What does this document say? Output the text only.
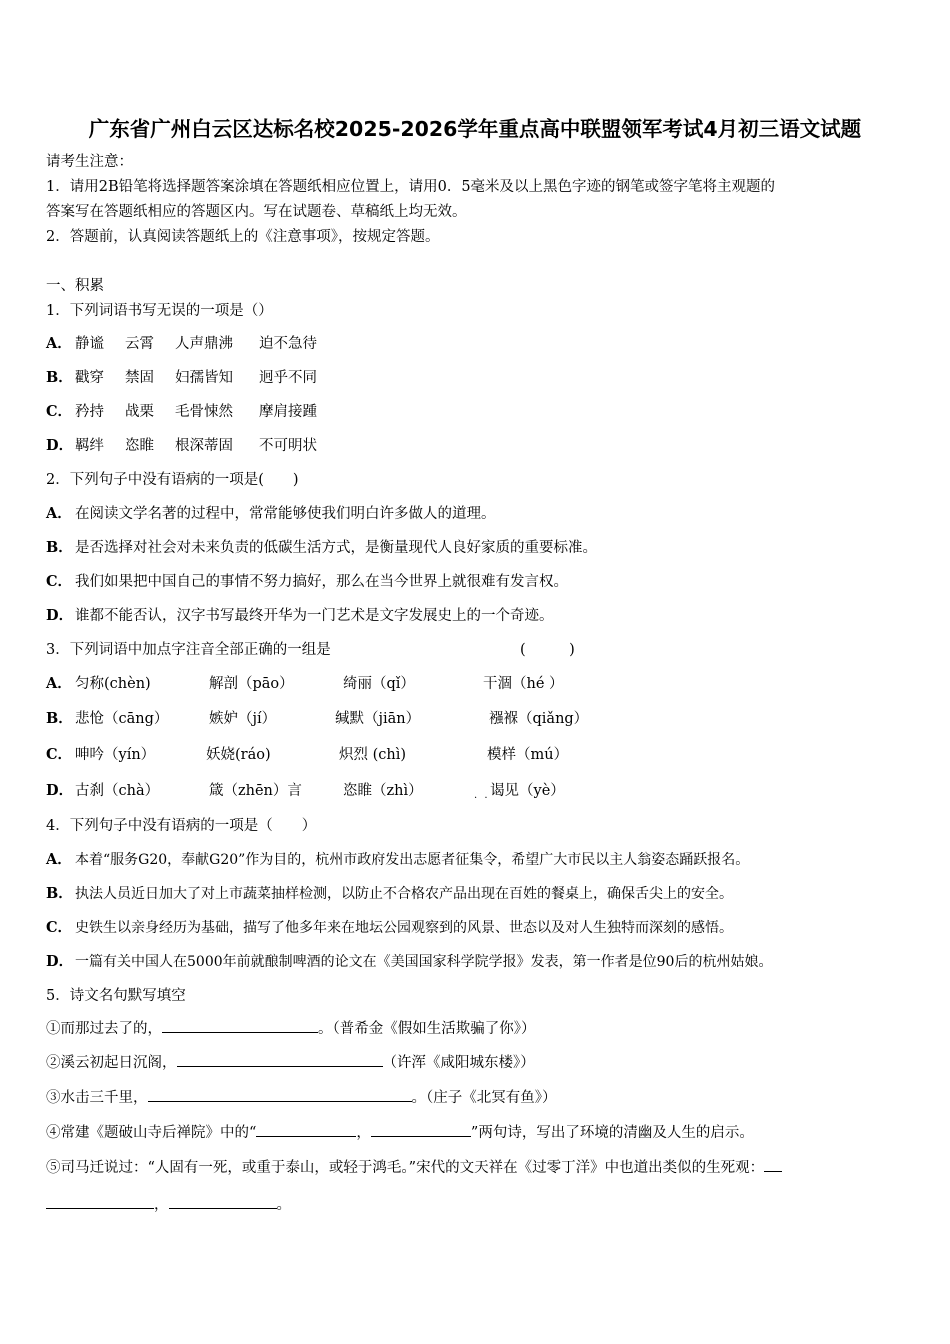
广东省广州白云区达标名校2025-2026学年重点高中联盟领军考试4月初三语文试题
请考生注意：
1．请用2B铅笔将选择题答案涂填在答题纸相应位置上，请用0．5毫米及以上黑色字迹的钢笔或签字笔将主观题的
答案写在答题纸相应的答题区内。写在试题卷、草稿纸上均无效。
2．答题前，认真阅读答题纸上的《注意事项》，按规定答题。
一、积累
1．下列词语书写无误的一项是（）
A． 静谧 云霄 人声鼎沸 迫不急待
B． 戳穿 禁固 妇孺皆知 迥乎不同
C． 矜持 战栗 毛骨悚然 摩肩接踵
D． 羁绊 恣睢 根深蒂固 不可明状
2．下列句子中没有语病的一项是(　　)
A． 在阅读文学名著的过程中，常常能够使我们明白许多做人的道理。
B． 是否选择对社会对未来负责的低碳生活方式，是衡量现代人良好家质的重要标准。
C． 我们如果把中国自己的事情不努力搞好，那么在当今世界上就很难有发言权。
D． 谁都不能否认，汉字书写最终开华为一门艺术是文字发展史上的一个奇迹。
3．下列词语中加点字注音全部正确的一组是	(　　　)
A． 匀称(chèn)	解剖（pāo）	绮丽（qǐ）	干涸（hé ）
B． 悲怆（cāng）	嫉妒（jí）	缄默（jiān）	襁褓（qiǎng）
C． 呻吟（yín）	妖娆(ráo)	炽烈 (chì)	模样（mú）
D． 古刹（chà）	箴（zhēn）言	恣睢（zhì）	谒见（yè）
. .
4．下列句子中没有语病的一项是（　　）
A． 本着“服务G20，奉献G20”作为目的，杭州市政府发出志愿者征集令，希望广大市民以主人翁姿态踊跃报名。
B． 执法人员近日加大了对上市蔬菜抽样检测，以防止不合格农产品出现在百姓的餐桌上，确保舌尖上的安全。
C． 史铁生以亲身经历为基础，描写了他多年来在地坛公园观察到的风景、世态以及对人生独特而深刻的感悟。
D． 一篇有关中国人在5000年前就酿制啤酒的论文在《美国国家科学院学报》发表，第一作者是位90后的杭州姑娘。
5．诗文名句默写填空
①而那过去了的，	。（普希金《假如生活欺骗了你》）
②溪云初起日沉阁，	（许浑《咸阳城东楼》）
③水击三千里，	。（庄子《北冥有鱼》）
④常建《题破山寺后禅院》中的“	，	”两句诗，写出了环境的清幽及人生的启示。
⑤司马迁说过：“人固有一死，或重于泰山，或轻于鸿毛。”宋代的文天祥在《过零丁洋》中也道出类似的生死观：
，	。
